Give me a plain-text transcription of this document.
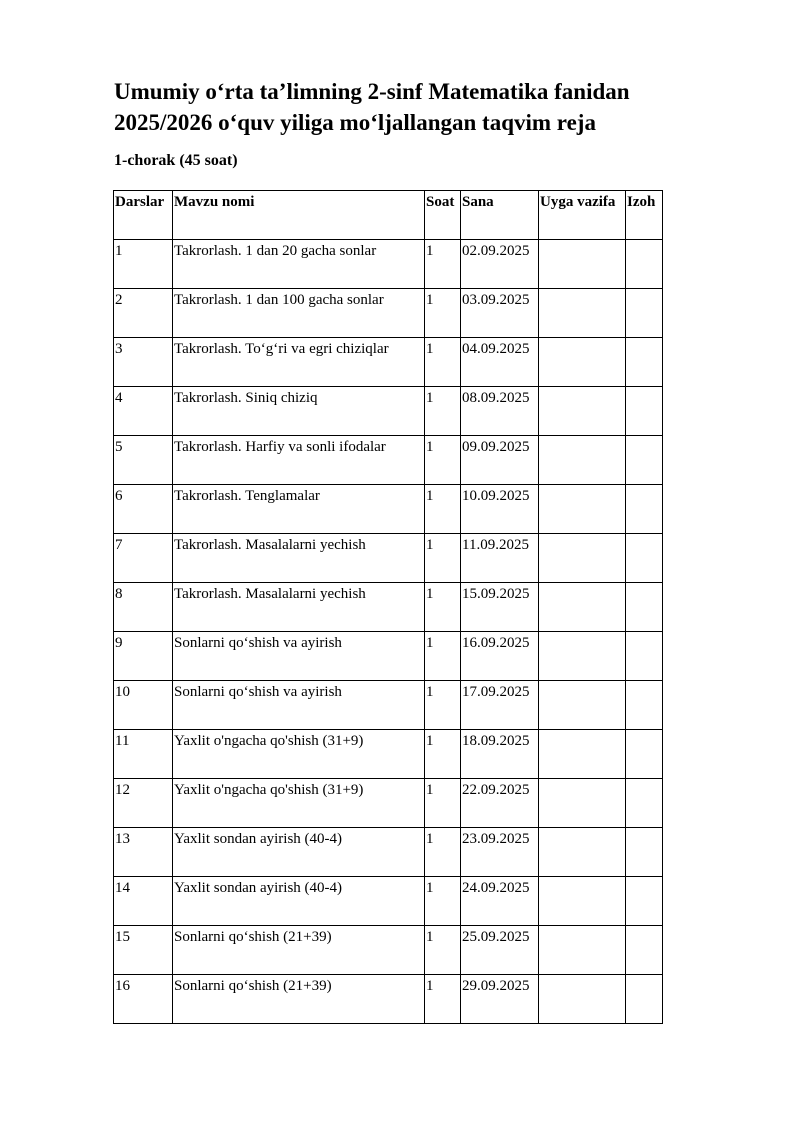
Umumiy o‘rta ta’limning 2-sinf Matematika fanidan
2025/2026 o‘quv yiliga mo‘ljallangan taqvim reja
1-chorak (45 soat)
Darslar	Mavzu nomi	Soat	Sana	Uyga vazifa	Izoh
1	Takrorlash. 1 dan 20 gacha sonlar	1	02.09.2025		
2	Takrorlash. 1 dan 100 gacha sonlar	1	03.09.2025		
3	Takrorlash. To‘g‘ri va egri chiziqlar	1	04.09.2025		
4	Takrorlash. Siniq chiziq	1	08.09.2025		
5	Takrorlash. Harfiy va sonli ifodalar	1	09.09.2025		
6	Takrorlash. Tenglamalar	1	10.09.2025		
7	Takrorlash. Masalalarni yechish	1	11.09.2025		
8	Takrorlash. Masalalarni yechish	1	15.09.2025		
9	Sonlarni qo‘shish va ayirish	1	16.09.2025		
10	Sonlarni qo‘shish va ayirish	1	17.09.2025		
11	Yaxlit o'ngacha qo'shish (31+9)	1	18.09.2025		
12	Yaxlit o'ngacha qo'shish (31+9)	1	22.09.2025		
13	Yaxlit sondan ayirish (40-4)	1	23.09.2025		
14	Yaxlit sondan ayirish (40-4)	1	24.09.2025		
15	Sonlarni qo‘shish (21+39)	1	25.09.2025		
16	Sonlarni qo‘shish (21+39)	1	29.09.2025		
